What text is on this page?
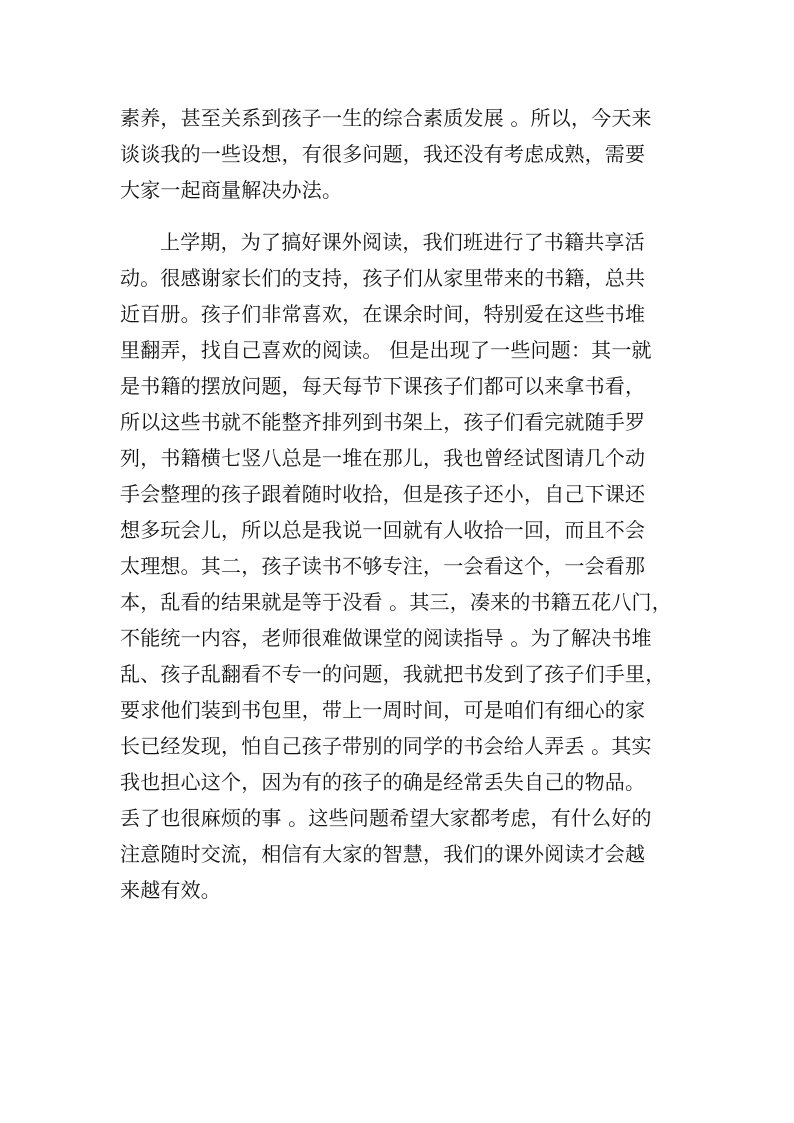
素养，甚至关系到孩子一生的综合素质发展 。所以，今天来
谈谈我的一些设想，有很多问题，我还没有考虑成熟，需要
大家一起商量解决办法。
上学期，为了搞好课外阅读，我们班进行了书籍共享活
动。很感谢家长们的支持，孩子们从家里带来的书籍，总共
近百册。孩子们非常喜欢，在课余时间，特别爱在这些书堆
里翻弄，找自己喜欢的阅读。 但是出现了一些问题：其一就
是书籍的摆放问题，每天每节下课孩子们都可以来拿书看，
所以这些书就不能整齐排列到书架上，孩子们看完就随手罗
列，书籍横七竖八总是一堆在那儿，我也曾经试图请几个动
手会整理的孩子跟着随时收拾，但是孩子还小，自己下课还
想多玩会儿，所以总是我说一回就有人收拾一回，而且不会
太理想。其二，孩子读书不够专注，一会看这个，一会看那
本，乱看的结果就是等于没看 。其三，凑来的书籍五花八门，
不能统一内容，老师很难做课堂的阅读指导 。为了解决书堆
乱、孩子乱翻看不专一的问题，我就把书发到了孩子们手里，
要求他们装到书包里，带上一周时间，可是咱们有细心的家
长已经发现，怕自己孩子带别的同学的书会给人弄丢 。其实
我也担心这个，因为有的孩子的确是经常丢失自己的物品。
丢了也很麻烦的事 。这些问题希望大家都考虑，有什么好的
注意随时交流，相信有大家的智慧，我们的课外阅读才会越
来越有效。
